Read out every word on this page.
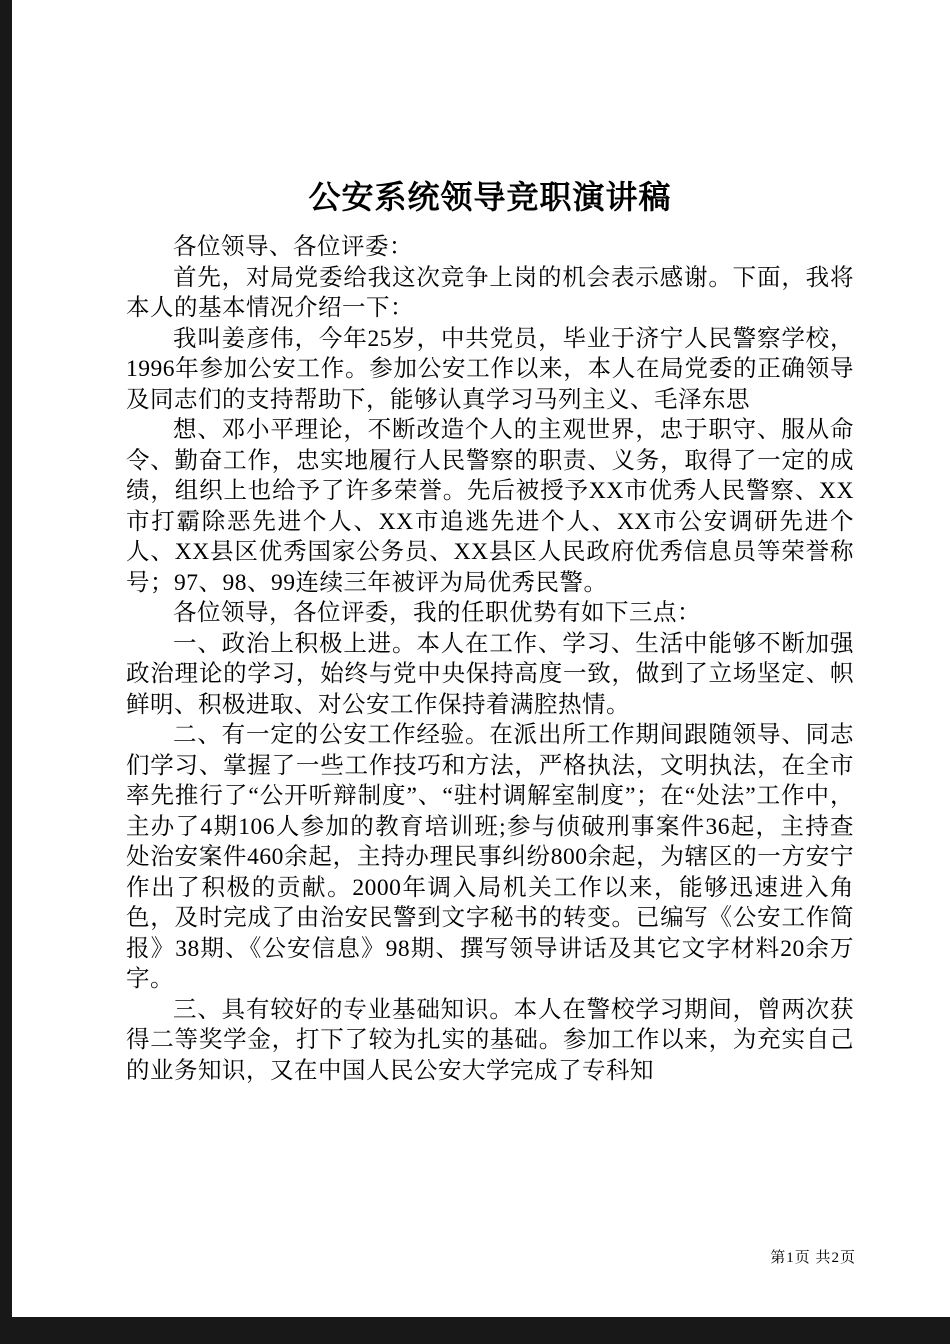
公安系统领导竞职演讲稿

各位领导、各位评委：

首先，对局党委给我这次竞争上岗的机会表示感谢。下面，我将本人的基本情况介绍一下：

我叫姜彦伟，今年25岁，中共党员，毕业于济宁人民警察学校，1996年参加公安工作。参加公安工作以来，本人在局党委的正确领导及同志们的支持帮助下，能够认真学习马列主义、毛泽东思

想、邓小平理论，不断改造个人的主观世界，忠于职守、服从命令、勤奋工作，忠实地履行人民警察的职责、义务，取得了一定的成绩，组织上也给予了许多荣誉。先后被授予XX市优秀人民警察、XX市打霸除恶先进个人、XX市追逃先进个人、XX市公安调研先进个人、XX县区优秀国家公务员、XX县区人民政府优秀信息员等荣誉称号；97、98、99连续三年被评为局优秀民警。

各位领导，各位评委，我的任职优势有如下三点：

一、政治上积极上进。本人在工作、学习、生活中能够不断加强政治理论的学习，始终与党中央保持高度一致，做到了立场坚定、帜鲜明、积极进取、对公安工作保持着满腔热情。

二、有一定的公安工作经验。在派出所工作期间跟随领导、同志们学习、掌握了一些工作技巧和方法，严格执法，文明执法，在全市率先推行了“公开听辩制度”、“驻村调解室制度”；在“处法”工作中，主办了4期106人参加的教育培训班;参与侦破刑事案件36起，主持查处治安案件460余起，主持办理民事纠纷800余起，为辖区的一方安宁作出了积极的贡献。2000年调入局机关工作以来，能够迅速进入角色，及时完成了由治安民警到文字秘书的转变。已编写《公安工作简报》38期、《公安信息》98期、撰写领导讲话及其它文字材料20余万字。

三、具有较好的专业基础知识。本人在警校学习期间，曾两次获得二等奖学金，打下了较为扎实的基础。参加工作以来，为充实自己的业务知识，又在中国人民公安大学完成了专科知

第1页 共2页
